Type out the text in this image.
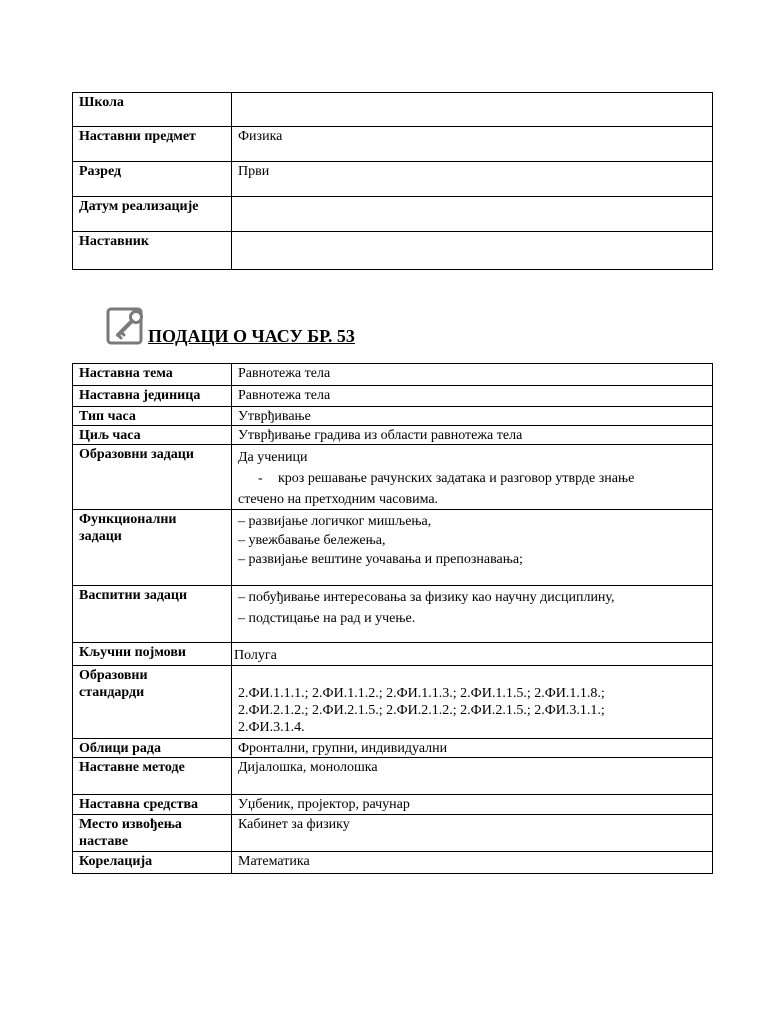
Школа	
Наставни предмет	Физика
Разред	Први
Датум реализације	
Наставник	
ПОДАЦИ О ЧАСУ БР. 53
Наставна тема	Равнотежа тела
Наставна јединица	Равнотежа тела
Тип часа	Утврђивање
Циљ часа	Утврђивање градива из области равнотежа тела
Образовни задаци	Да ученици
- кроз решавање рачунских задатака и разговор утврде знање
стечено на претходним часовима.

Функционални
задаци	– развијање логичког мишљења,
– увежбавање бележења,
– развијање вештине уочавања и препознавања;

Васпитни задаци	– побуђивање интересовања за физику као научну дисциплину,
– подстицање на рад и учење.

Кључни појмови	Полуга

Образовни
стандарди	2.ФИ.1.1.1.; 2.ФИ.1.1.2.; 2.ФИ.1.1.3.; 2.ФИ.1.1.5.; 2.ФИ.1.1.8.;
2.ФИ.2.1.2.; 2.ФИ.2.1.5.; 2.ФИ.2.1.2.; 2.ФИ.2.1.5.; 2.ФИ.3.1.1.;
2.ФИ.3.1.4.

Облици рада	Фронтални, групни, индивидуални
Наставне методе	Дијалошка, монолошка
Наставна средства	Уџбеник, пројектор, рачунар

Место извођења
наставе	Кабинет за физику
Корелација	Математика
